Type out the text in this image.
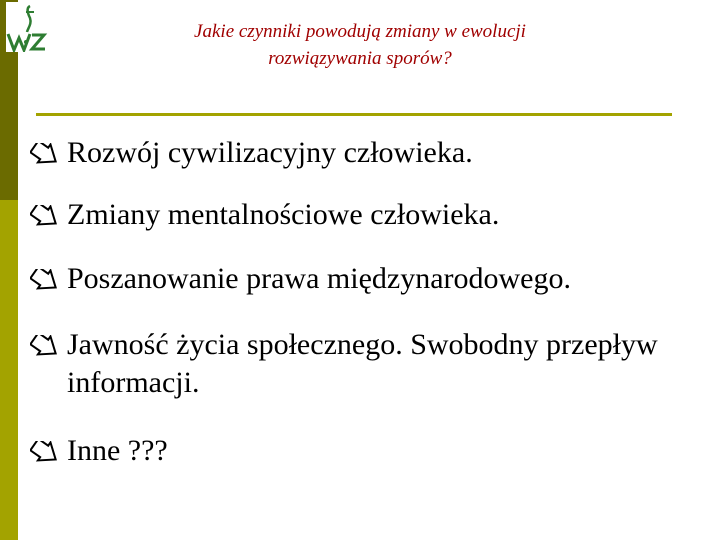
Jakie czynniki powodują zmiany w ewolucji
rozwiązywania sporów?
Rozwój cywilizacyjny człowieka.
Zmiany mentalnościowe człowieka.
Poszanowanie prawa międzynarodowego.
Jawność życia społecznego. Swobodny przepływ informacji.
Inne ???
